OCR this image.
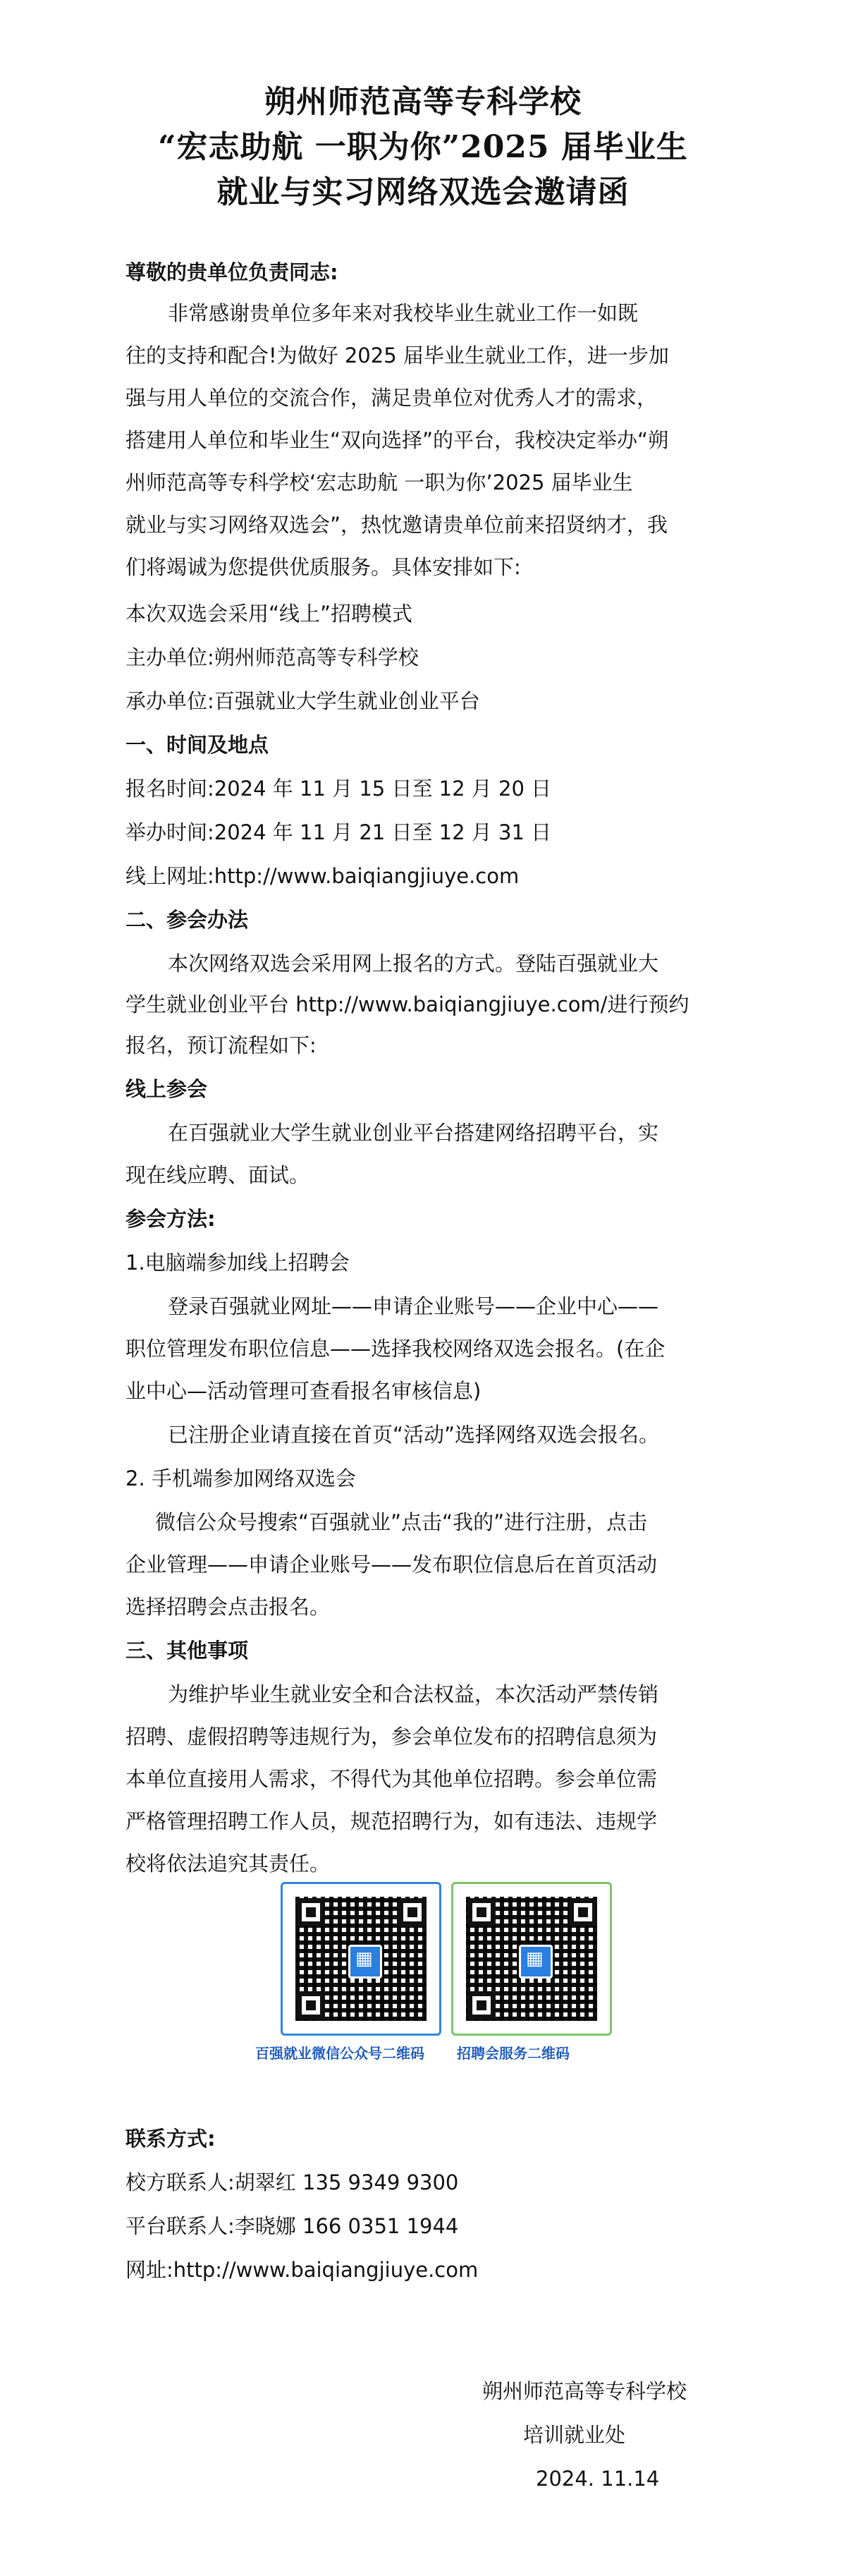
朔州师范高等专科学校
“宏志助航 一职为你”2025 届毕业生
就业与实习网络双选会邀请函
尊敬的贵单位负责同志:
非常感谢贵单位多年来对我校毕业生就业工作一如既
往的支持和配合!为做好 2025 届毕业生就业工作，进一步加
强与用人单位的交流合作，满足贵单位对优秀人才的需求，
搭建用人单位和毕业生“双向选择”的平台，我校决定举办“朔
州师范高等专科学校‘宏志助航 一职为你’2025 届毕业生
就业与实习网络双选会”，热忱邀请贵单位前来招贤纳才，我
们将竭诚为您提供优质服务。具体安排如下:
本次双选会采用“线上”招聘模式
主办单位:朔州师范高等专科学校
承办单位:百强就业大学生就业创业平台
一、时间及地点
报名时间:2024 年 11 月 15 日至 12 月 20 日
举办时间:2024 年 11 月 21 日至 12 月 31 日
线上网址:http://www.baiqiangjiuye.com
二、参会办法
本次网络双选会采用网上报名的方式。登陆百强就业大
学生就业创业平台 http://www.baiqiangjiuye.com/进行预约
报名，预订流程如下:
线上参会
在百强就业大学生就业创业平台搭建网络招聘平台，实
现在线应聘、面试。
参会方法:
1.电脑端参加线上招聘会
登录百强就业网址——申请企业账号——企业中心——
职位管理发布职位信息——选择我校网络双选会报名。(在企
业中心—活动管理可查看报名审核信息)
已注册企业请直接在首页“活动”选择网络双选会报名。
2. 手机端参加网络双选会
微信公众号搜索“百强就业”点击“我的”进行注册，点击
企业管理——申请企业账号——发布职位信息后在首页活动
选择招聘会点击报名。
三、其他事项
为维护毕业生就业安全和合法权益，本次活动严禁传销
招聘、虚假招聘等违规行为，参会单位发布的招聘信息须为
本单位直接用人需求，不得代为其他单位招聘。参会单位需
严格管理招聘工作人员，规范招聘行为，如有违法、违规学
校将依法追究其责任。
▦
百强就业微信公众号二维码
▦ 招聘会服务二维码
联系方式:
校方联系人:胡翠红 135 9349 9300
平台联系人:李晓娜 166 0351 1944
网址:http://www.baiqiangjiuye.com
朔州师范高等专科学校
培训就业处
2024. 11.14
